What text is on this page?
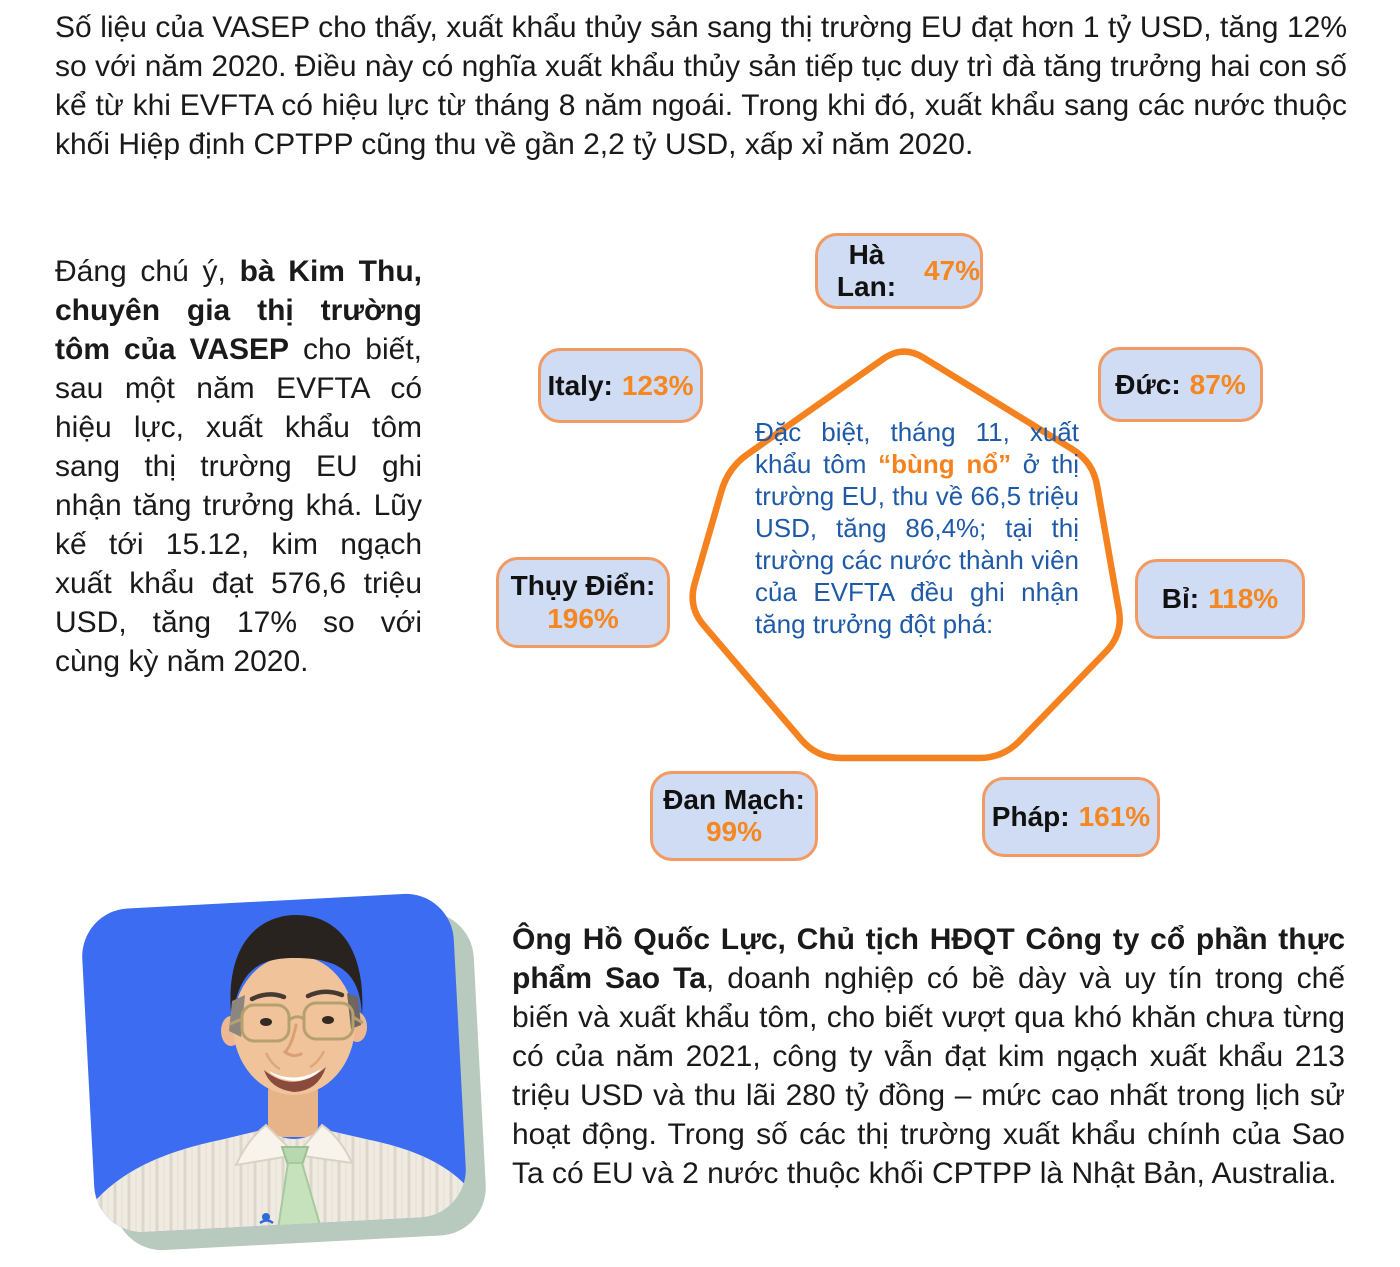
Số liệu của VASEP cho thấy, xuất khẩu thủy sản sang thị trường EU đạt hơn 1 tỷ USD, tăng 12% so với năm 2020. Điều này có nghĩa xuất khẩu thủy sản tiếp tục duy trì đà tăng trưởng hai con số kể từ khi EVFTA có hiệu lực từ tháng 8 năm ngoái. Trong khi đó, xuất khẩu sang các nước thuộc khối Hiệp định CPTPP cũng thu về gần 2,2 tỷ USD, xấp xỉ năm 2020.

Đáng chú ý, bà Kim Thu, chuyên gia thị trường tôm của VASEP cho biết, sau một năm EVFTA có hiệu lực, xuất khẩu tôm sang thị trường EU ghi nhận tăng trưởng khá. Lũy kế tới 15.12, kim ngạch xuất khẩu đạt 576,6 triệu USD, tăng 17% so với cùng kỳ năm 2020.

Đặc biệt, tháng 11, xuất khẩu tôm “bùng nổ” ở thị trường EU, thu về 66,5 triệu USD, tăng 86,4%; tại thị trường các nước thành viên của EVFTA đều ghi nhận tăng trưởng đột phá:
Hà Lan:
47%
Italy: 123%	Đức: 87%
Thụy Điển:
196%
Bỉ: 118%
Đan Mạch:
99%	Pháp: 161%

Ông Hồ Quốc Lực, Chủ tịch HĐQT Công ty cổ phần thực phẩm Sao Ta, doanh nghiệp có bề dày và uy tín trong chế biến và xuất khẩu tôm, cho biết vượt qua khó khăn chưa từng có của năm 2021, công ty vẫn đạt kim ngạch xuất khẩu 213 triệu USD và thu lãi 280 tỷ đồng – mức cao nhất trong lịch sử hoạt động. Trong số các thị trường xuất khẩu chính của Sao Ta có EU và 2 nước thuộc khối CPTPP là Nhật Bản, Australia.
